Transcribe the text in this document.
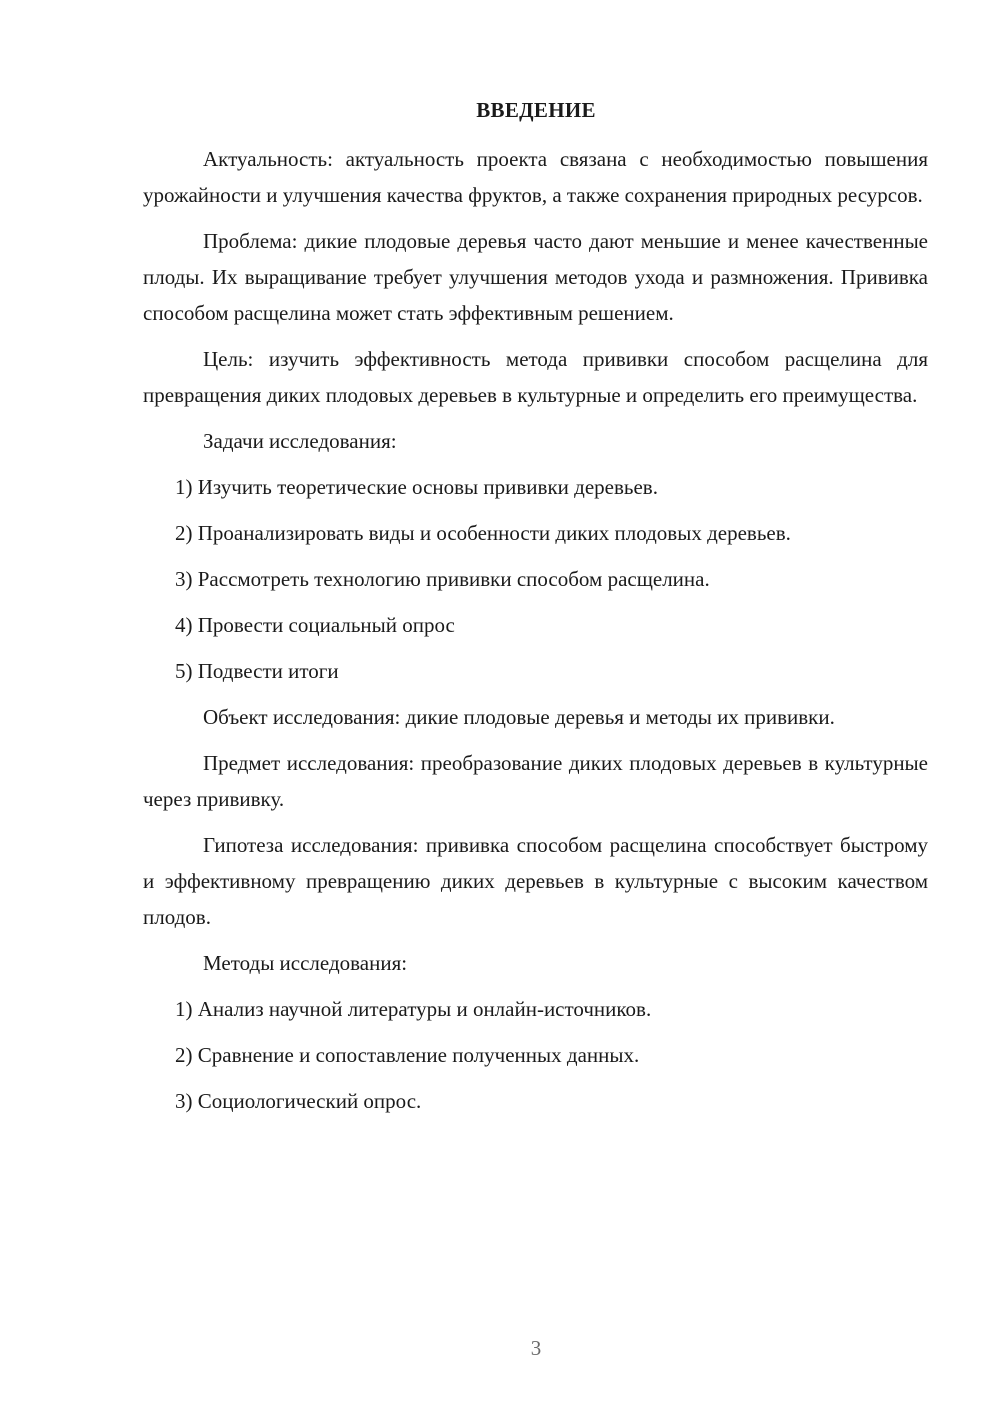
ВВЕДЕНИЕ

Актуальность: актуальность проекта связана с необходимостью повышения урожайности и улучшения качества фруктов, а также сохранения природных ресурсов.

Проблема: дикие плодовые деревья часто дают меньшие и менее качественные плоды. Их выращивание требует улучшения методов ухода и размножения. Прививка способом расщелина может стать эффективным решением.

Цель: изучить эффективность метода прививки способом расщелина для превращения диких плодовых деревьев в культурные и определить его преимущества.

Задачи исследования:

1) Изучить теоретические основы прививки деревьев.
2) Проанализировать виды и особенности диких плодовых деревьев.
3) Рассмотреть технологию прививки способом расщелина.
4) Провести социальный опрос
5) Подвести итоги

Объект исследования: дикие плодовые деревья и методы их прививки.

Предмет исследования: преобразование диких плодовых деревьев в культурные через прививку.

Гипотеза исследования: прививка способом расщелина способствует быстрому и эффективному превращению диких деревьев в культурные с высоким качеством плодов.

Методы исследования:

1) Анализ научной литературы и онлайн-источников.
2) Сравнение и сопоставление полученных данных.
3) Социологический опрос.
3
